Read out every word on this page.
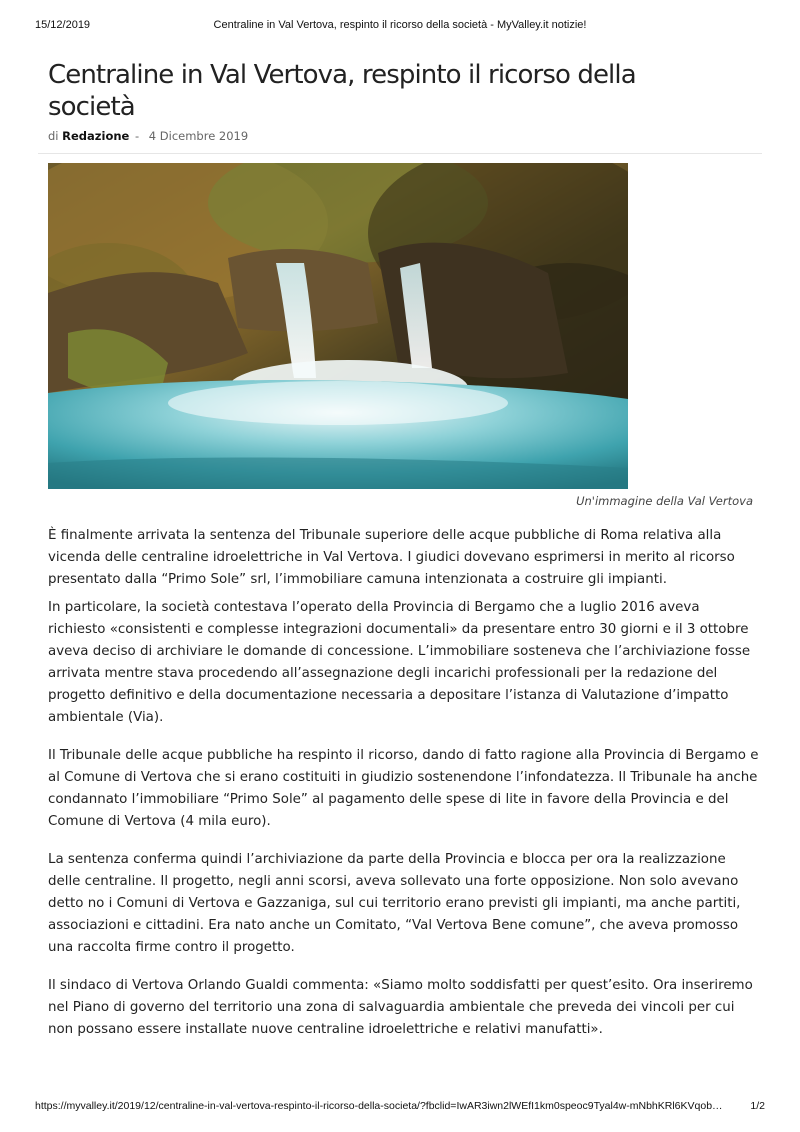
15/12/2019	Centraline in Val Vertova, respinto il ricorso della società - MyValley.it notizie!
Centraline in Val Vertova, respinto il ricorso della società
di Redazione - 4 Dicembre 2019
Un'immagine della Val Vertova

È finalmente arrivata la sentenza del Tribunale superiore delle acque pubbliche di Roma relativa alla vicenda delle centraline idroelettriche in Val Vertova. I giudici dovevano esprimersi in merito al ricorso presentato dalla “Primo Sole” srl, l’immobiliare camuna intenzionata a costruire gli impianti.

In particolare, la società contestava l’operato della Provincia di Bergamo che a luglio 2016 aveva richiesto «consistenti e complesse integrazioni documentali» da presentare entro 30 giorni e il 3 ottobre aveva deciso di archiviare le domande di concessione. L’immobiliare sosteneva che l’archiviazione fosse arrivata mentre stava procedendo all’assegnazione degli incarichi professionali per la redazione del progetto definitivo e della documentazione necessaria a depositare l’istanza di Valutazione d’impatto ambientale (Via).

Il Tribunale delle acque pubbliche ha respinto il ricorso, dando di fatto ragione alla Provincia di Bergamo e al Comune di Vertova che si erano costituiti in giudizio sostenendone l’infondatezza. Il Tribunale ha anche condannato l’immobiliare “Primo Sole” al pagamento delle spese di lite in favore della Provincia e del Comune di Vertova (4 mila euro).

La sentenza conferma quindi l’archiviazione da parte della Provincia e blocca per ora la realizzazione delle centraline. Il progetto, negli anni scorsi, aveva sollevato una forte opposizione. Non solo avevano detto no i Comuni di Vertova e Gazzaniga, sul cui territorio erano previsti gli impianti, ma anche partiti, associazioni e cittadini. Era nato anche un Comitato, “Val Vertova Bene comune”, che aveva promosso una raccolta firme contro il progetto.

Il sindaco di Vertova Orlando Gualdi commenta: «Siamo molto soddisfatti per quest’esito. Ora inseriremo nel Piano di governo del territorio una zona di salvaguardia ambientale che preveda dei vincoli per cui non possano essere installate nuove centraline idroelettriche e relativi manufatti».

https://myvalley.it/2019/12/centraline-in-val-vertova-respinto-il-ricorso-della-societa/?fbclid=IwAR3iwn2lWEfI1km0speoc9Tyal4w-mNbhKRl6KVqob…	1/2
